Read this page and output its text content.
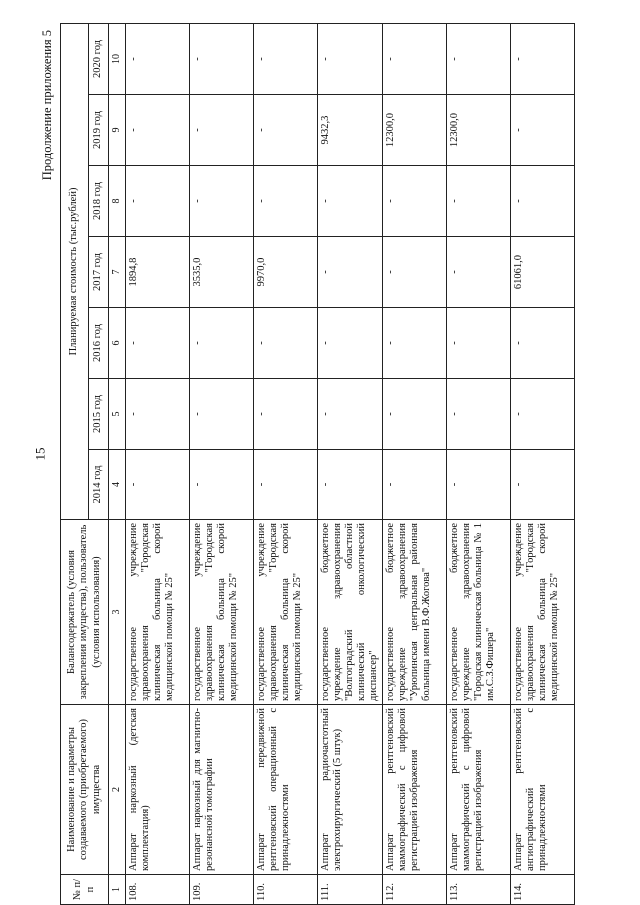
15
Продолжение приложения 5
№ п/п	Наименование и параметры создаваемого (приобретаемого) имущества	Балансодержатель (условия закрепления имущества), пользователь (условия использования)	Планируемая стоимость (тыс.рублей)						
			2014 год	2015 год	2016 год	2017 год	2018 год	2019 год	2020 год
1	2	3	4	5	6	7	8	9	10
108.	Аппарат наркозный (детская комплектация)	государственное учреждение здравоохранения "Городская клиническая больница скорой медицинской помощи № 25"	-	-	-	1894,8	-	-	-
109.	Аппарат наркозный для магнитно-резонансной томографии	государственное учреждение здравоохранения "Городская клиническая больница скорой медицинской помощи № 25"	-	-	-	3535,0	-	-	-
110.	Аппарат передвижной рентгеновский операционный с принадлежностями	государственное учреждение здравоохранения "Городская клиническая больница скорой медицинской помощи № 25"	-	-	-	9970,0	-	-	-
111.	Аппарат радиочастотный электрохирургический (5 штук)	государственное бюджетное учреждение здравоохранения "Волгоградский областной клинический онкологический диспансер"	-	-	-	-	-	9432,3	-
112.	Аппарат рентгеновский маммографический с цифровой регистрацией изображения	государственное бюджетное учреждение здравоохранения "Урюпинская центральная районная больница имени В.Ф.Жогова"	-	-	-	-	-	12300,0	-
113.	Аппарат рентгеновский маммографический с цифровой регистрацией изображения	государственное бюджетное учреждение здравоохранения "Городская клиническая больница № 1 им.С.З.Фишера"	-	-	-	-	-	12300,0	-
114.	Аппарат рентгеновский ангиографический с принадлежностями	государственное учреждение здравоохранения "Городская клиническая больница скорой медицинской помощи № 25"	-	-	-	61061,0	-	-	-
